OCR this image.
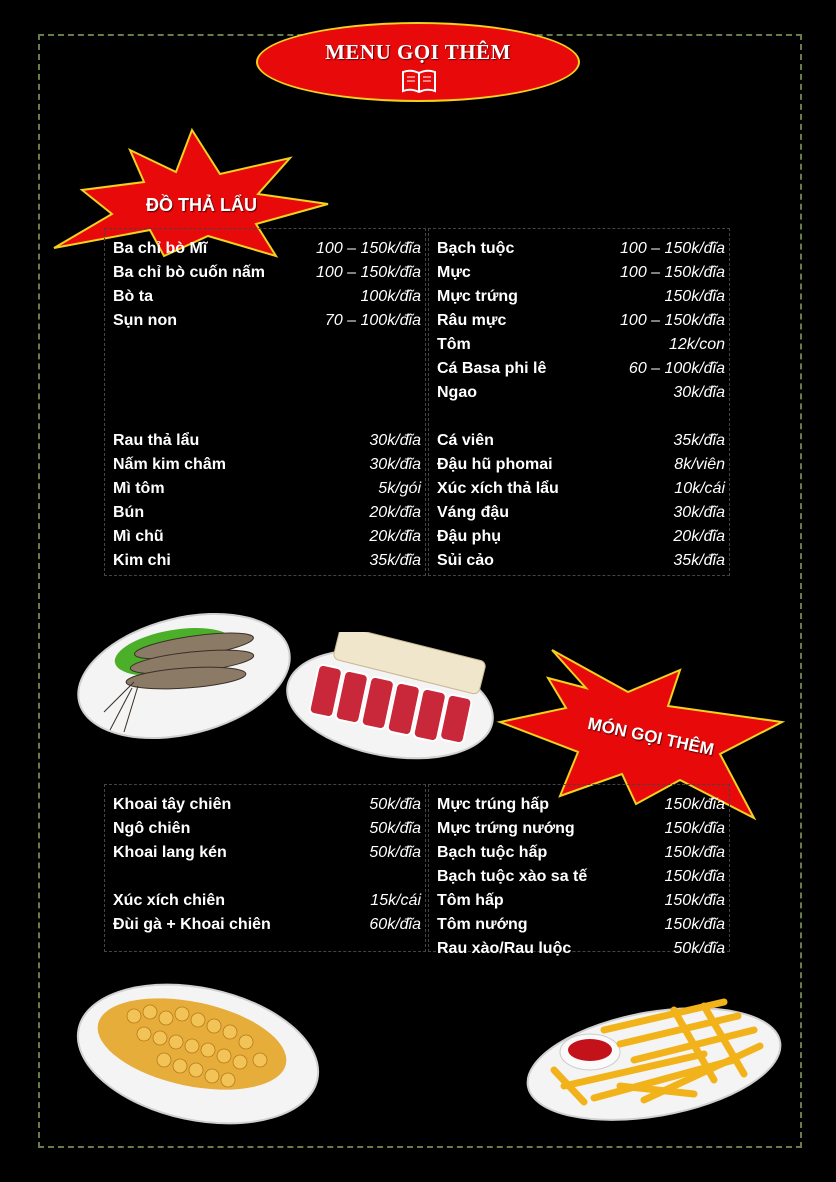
MENU GỌI THÊM
ĐỒ THẢ LẨU
Ba chỉ bò Mĩ	100 – 150k/đĩa
Ba chỉ bò cuốn nấm	100 – 150k/đĩa
Bò ta	100k/đĩa
Sụn non	70 – 100k/đĩa
Rau thả lẩu	30k/đĩa
Nấm kim châm	30k/đĩa
Mì tôm	5k/gói
Bún	20k/đĩa
Mì chũ	20k/đĩa
Kim chi	35k/đĩa
Bạch tuộc	100 – 150k/đĩa
Mực	100 – 150k/đĩa
Mực trứng	150k/đĩa
Râu mực	100 – 150k/đĩa
Tôm	12k/con
Cá Basa phi lê	60 – 100k/đĩa
Ngao	30k/đĩa
Cá viên	35k/đĩa
Đậu hũ phomai	8k/viên
Xúc xích thả lẩu	10k/cái
Váng đậu	30k/đĩa
Đậu phụ	20k/đĩa
Sủi cảo	35k/đĩa
MÓN GỌI THÊM
Khoai tây chiên	50k/đĩa
Ngô chiên	50k/đĩa
Khoai lang kén	50k/đĩa
Xúc xích chiên	15k/cái
Đùi gà + Khoai chiên	60k/đĩa
Mực trúng hấp	150k/đĩa
Mực trứng nướng	150k/đĩa
Bạch tuộc hấp	150k/đĩa
Bạch tuộc xào sa tế	150k/đĩa
Tôm hấp	150k/đĩa
Tôm nướng	150k/đĩa
Rau xào/Rau luộc	50k/đĩa
